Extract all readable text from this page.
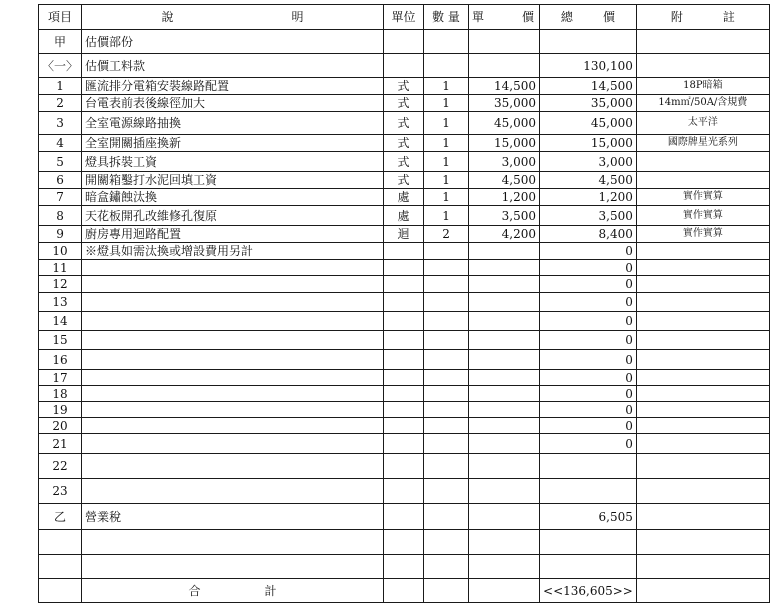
項目	說 明	單位	數 量	單 價	總 價	附 註
甲	估價部份					
〈一〉	估價工料款				130,100	
1	匯流排分電箱安裝線路配置	式	1	14,500	14,500	18P暗箱
2	台電表前表後線徑加大	式	1	35,000	35,000	14m㎡/50A/含規費
3	全室電源線路抽換	式	1	45,000	45,000	太平洋
4	全室開關插座換新	式	1	15,000	15,000	國際牌星光系列
5	燈具拆裝工資	式	1	3,000	3,000	
6	開關箱鑿打水泥回填工資	式	1	4,500	4,500	
7	暗盒鏽蝕汰換	處	1	1,200	1,200	實作實算
8	天花板開孔改維修孔復原	處	1	3,500	3,500	實作實算
9	廚房專用迴路配置	迴	2	4,200	8,400	實作實算
10	※燈具如需汰換或增設費用另計				0	
11					0	
12					0	
13					0	
14					0	
15					0	
16					0	
17					0	
18					0	
19					0	
20					0	
21					0	
22						
23						
乙	營業稅				6,505	

	合 計				<<136,605>>	
